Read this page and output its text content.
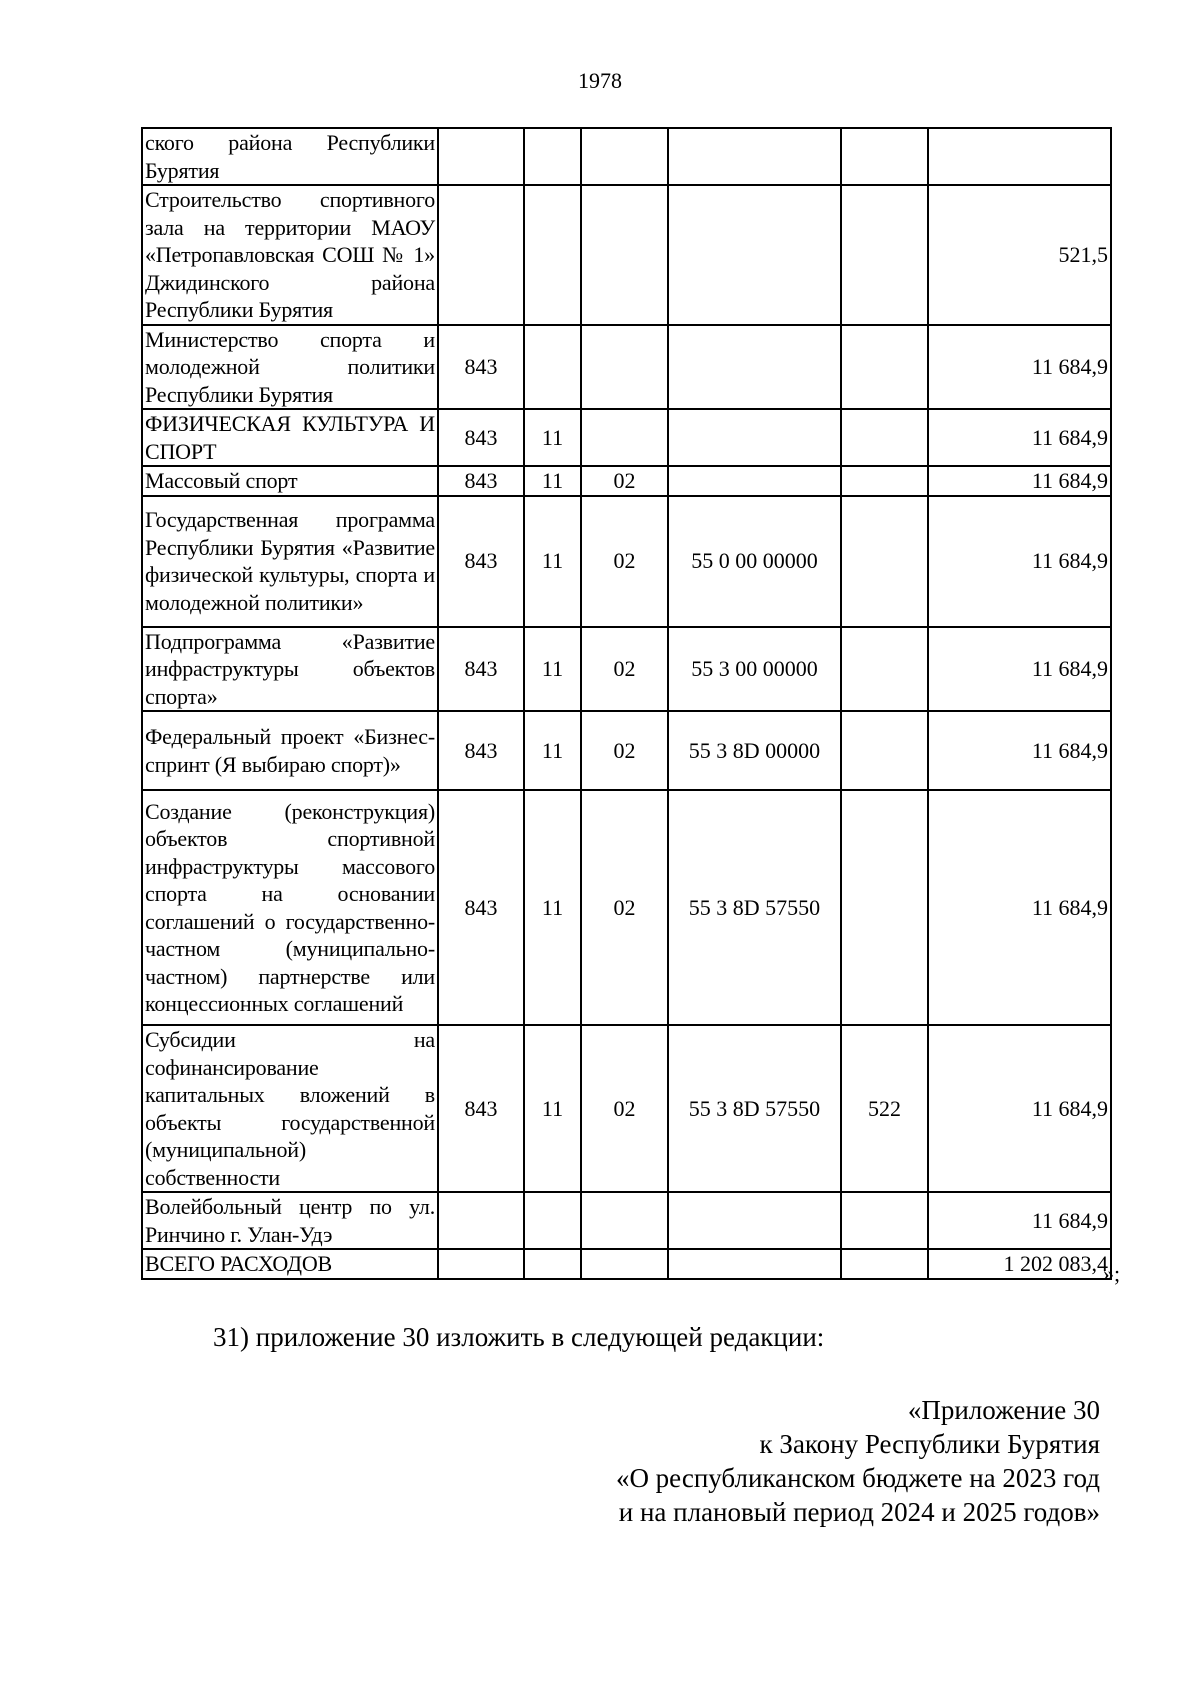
1978
ского района Республики Бурятия						
Строительство спортивного зала на территории МАОУ «Петропавловская СОШ № 1» Джидинского района Республики Бурятия						521,5
Министерство спорта и молодежной политики Республики Бурятия	843					11 684,9
ФИЗИЧЕСКАЯ КУЛЬТУРА И СПОРТ	843	11				11 684,9
Массовый спорт	843	11	02			11 684,9
Государственная программа Республики Бурятия «Развитие физической культуры, спорта и молодежной политики»	843	11	02	55 0 00 00000		11 684,9
Подпрограмма «Развитие инфраструктуры объектов спорта»	843	11	02	55 3 00 00000		11 684,9
Федеральный проект «Бизнес-спринт (Я выбираю спорт)»	843	11	02	55 3 8D 00000		11 684,9
Создание (реконструкция) объектов спортивной инфраструктуры массового спорта на основании соглашений о государственно-частном (муниципально-частном) партнерстве или концессионных соглашений	843	11	02	55 3 8D 57550		11 684,9
Субсидии на софинансирование капитальных вложений в объекты государственной (муниципальной) собственности	843	11	02	55 3 8D 57550	522	11 684,9
Волейбольный центр по ул. Ринчино г. Улан-Удэ						11 684,9
ВСЕГО РАСХОДОВ						1 202 083,4
»;
31) приложение 30 изложить в следующей редакции:
«Приложение 30
к Закону Республики Бурятия
«О республиканском бюджете на 2023 год
и на плановый период 2024 и 2025 годов»
